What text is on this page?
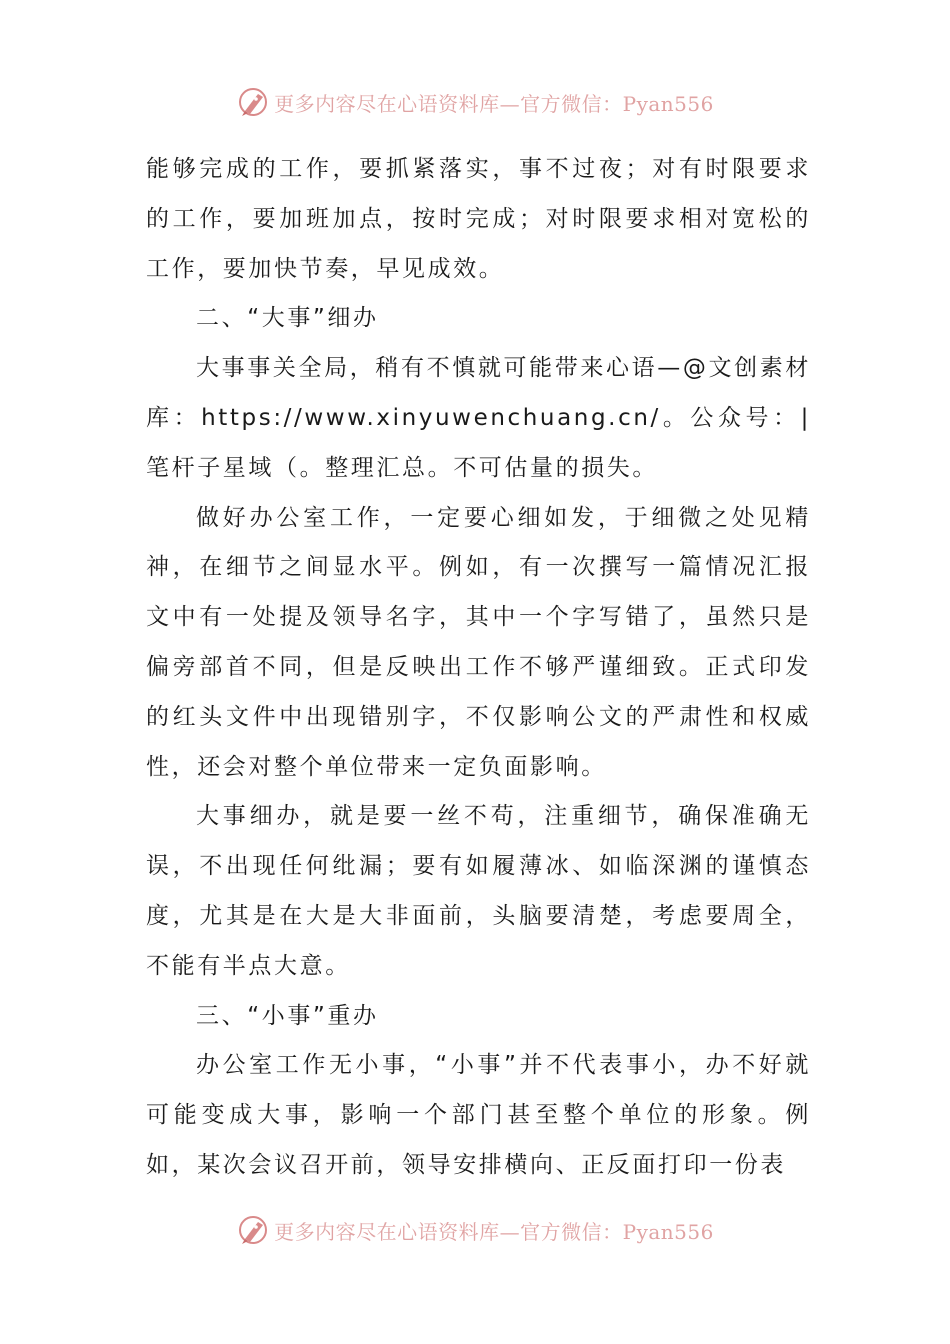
更多内容尽在心语资料库—官方微信：Pyan556

能够完成的工作，要抓紧落实，事不过夜；对有时限要求的工作，要加班加点，按时完成；对时限要求相对宽松的工作，要加快节奏，早见成效。

二、“大事”细办

大事事关全局，稍有不慎就可能带来心语—@文创素材库：https://www.xinyuwenchuang.cn/。公众号：|笔杆子星域（。整理汇总。不可估量的损失。

做好办公室工作，一定要心细如发，于细微之处见精神，在细节之间显水平。例如，有一次撰写一篇情况汇报文中有一处提及领导名字，其中一个字写错了，虽然只是偏旁部首不同，但是反映出工作不够严谨细致。正式印发的红头文件中出现错别字，不仅影响公文的严肃性和权威性，还会对整个单位带来一定负面影响。

大事细办，就是要一丝不苟，注重细节，确保准确无误，不出现任何纰漏；要有如履薄冰、如临深渊的谨慎态度，尤其是在大是大非面前，头脑要清楚，考虑要周全，不能有半点大意。

三、“小事”重办

办公室工作无小事，“小事”并不代表事小，办不好就可能变成大事，影响一个部门甚至整个单位的形象。例如，某次会议召开前，领导安排横向、正反面打印一份表

更多内容尽在心语资料库—官方微信：Pyan556
